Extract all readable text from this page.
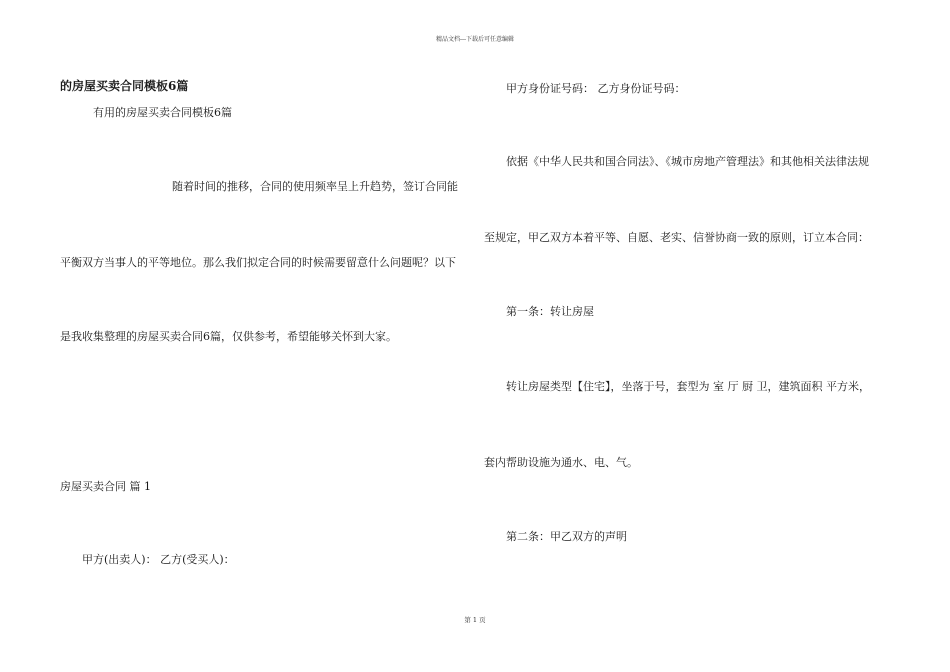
精品文档---下载后可任意编辑
的房屋买卖合同模板6篇
有用的房屋买卖合同模板6篇
随着时间的推移，合同的使用频率呈上升趋势，签订合同能
平衡双方当事人的平等地位。那么我们拟定合同的时候需要留意什么问题呢？以下
是我收集整理的房屋买卖合同6篇，仅供参考，希望能够关怀到大家。
房屋买卖合同 篇 1
甲方(出卖人)： 乙方(受买人)：
甲方身份证号码： 乙方身份证号码：
依据《中华人民共和国合同法》、《城市房地产管理法》和其他相关法律法规
至规定，甲乙双方本着平等、自愿、老实、信誉协商一致的原则，订立本合同：
第一条：转让房屋
转让房屋类型【住宅】，坐落于号，套型为 室 厅 厨 卫，建筑面积 平方米，
套内帮助设施为通水、电、气。
第二条：甲乙双方的声明
第 1 页
